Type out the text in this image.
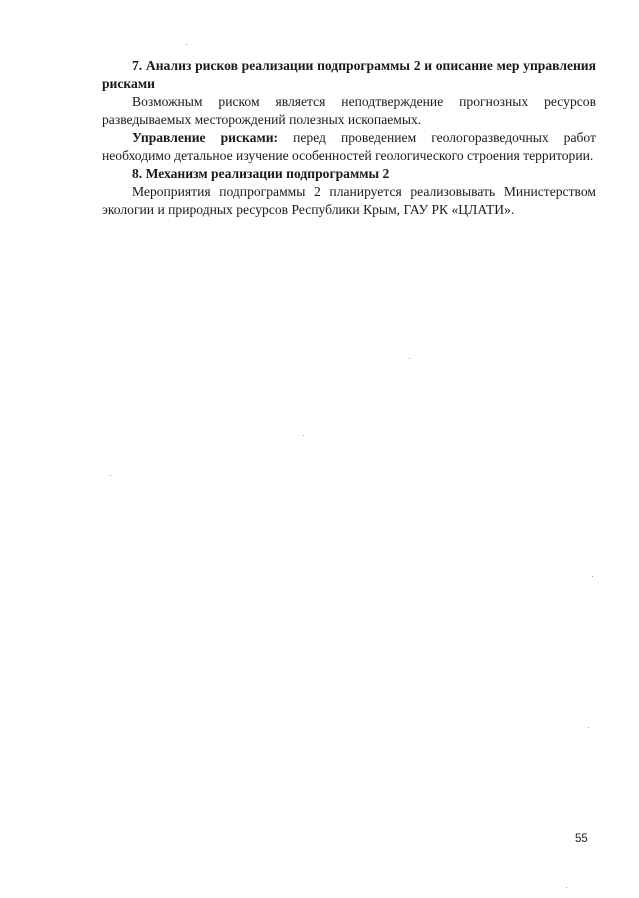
7. Анализ рисков реализации подпрограммы 2 и описание мер управления рисками

Возможным риском является неподтверждение прогнозных ресурсов разведываемых месторождений полезных ископаемых.

Управление рисками: перед проведением геологоразведочных работ необходимо детальное изучение особенностей геологического строения территории.

8. Механизм реализации подпрограммы 2

Мероприятия подпрограммы 2 планируется реализовывать Министерством экологии и природных ресурсов Республики Крым, ГАУ РК «ЦЛАТИ».

55
